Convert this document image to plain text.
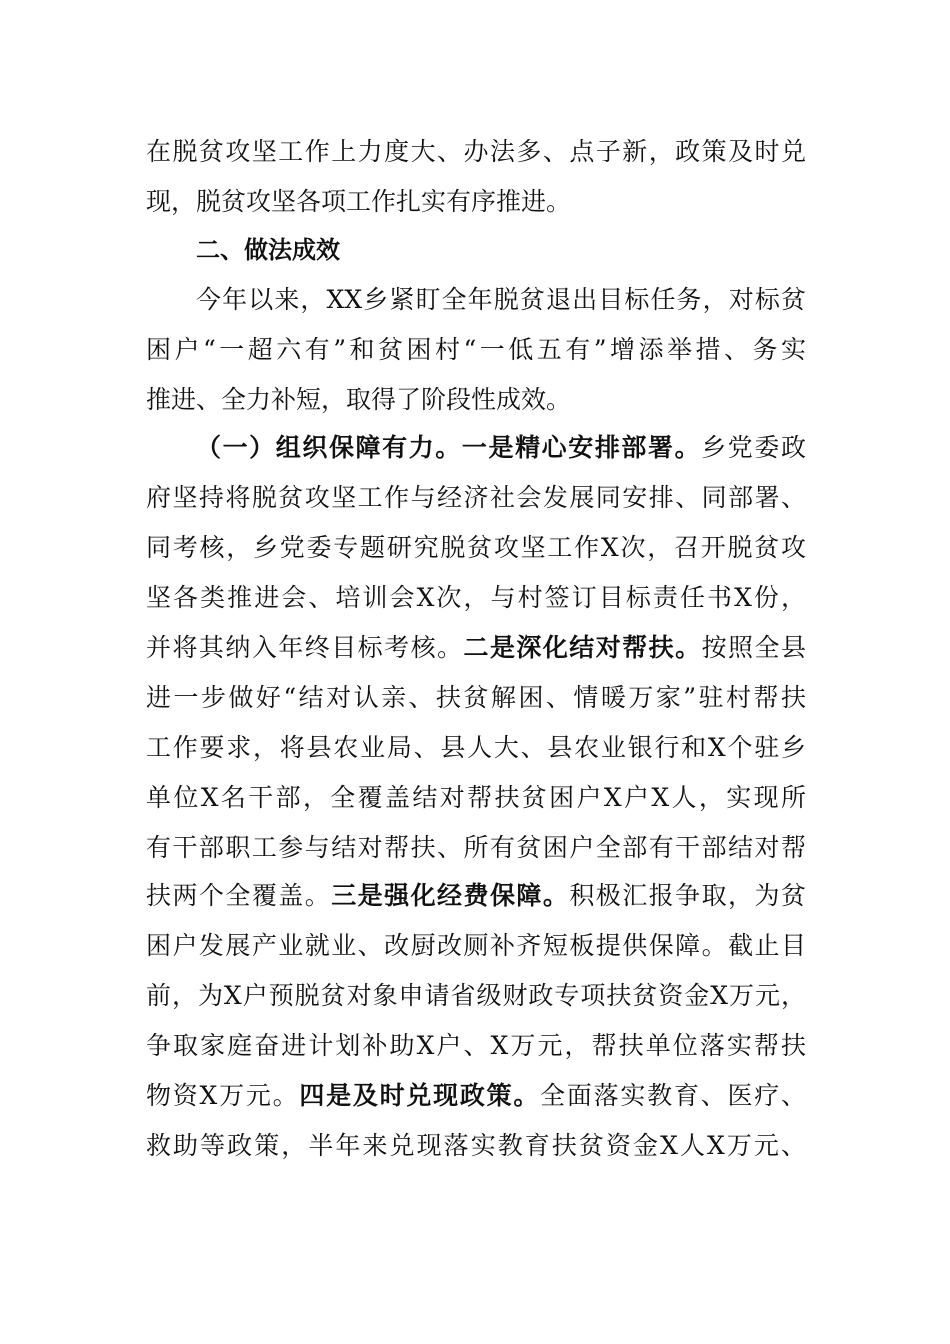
在脱贫攻坚工作上力度大、办法多、点子新，政策及时兑
现，脱贫攻坚各项工作扎实有序推进。
二、做法成效
今年以来，XX乡紧盯全年脱贫退出目标任务，对标贫
困户“一超六有”和贫困村“一低五有”增添举措、务实
推进、全力补短，取得了阶段性成效。
（一）组织保障有力。一是精心安排部署。乡党委政
府坚持将脱贫攻坚工作与经济社会发展同安排、同部署、
同考核，乡党委专题研究脱贫攻坚工作X次，召开脱贫攻
坚各类推进会、培训会X次，与村签订目标责任书X份，
并将其纳入年终目标考核。二是深化结对帮扶。按照全县
进一步做好“结对认亲、扶贫解困、情暖万家”驻村帮扶
工作要求，将县农业局、县人大、县农业银行和X个驻乡
单位X名干部，全覆盖结对帮扶贫困户X户X人，实现所
有干部职工参与结对帮扶、所有贫困户全部有干部结对帮
扶两个全覆盖。三是强化经费保障。积极汇报争取，为贫
困户发展产业就业、改厨改厕补齐短板提供保障。截止目
前，为X户预脱贫对象申请省级财政专项扶贫资金X万元，
争取家庭奋进计划补助X户、X万元，帮扶单位落实帮扶
物资X万元。四是及时兑现政策。全面落实教育、医疗、
救助等政策，半年来兑现落实教育扶贫资金X人X万元、
